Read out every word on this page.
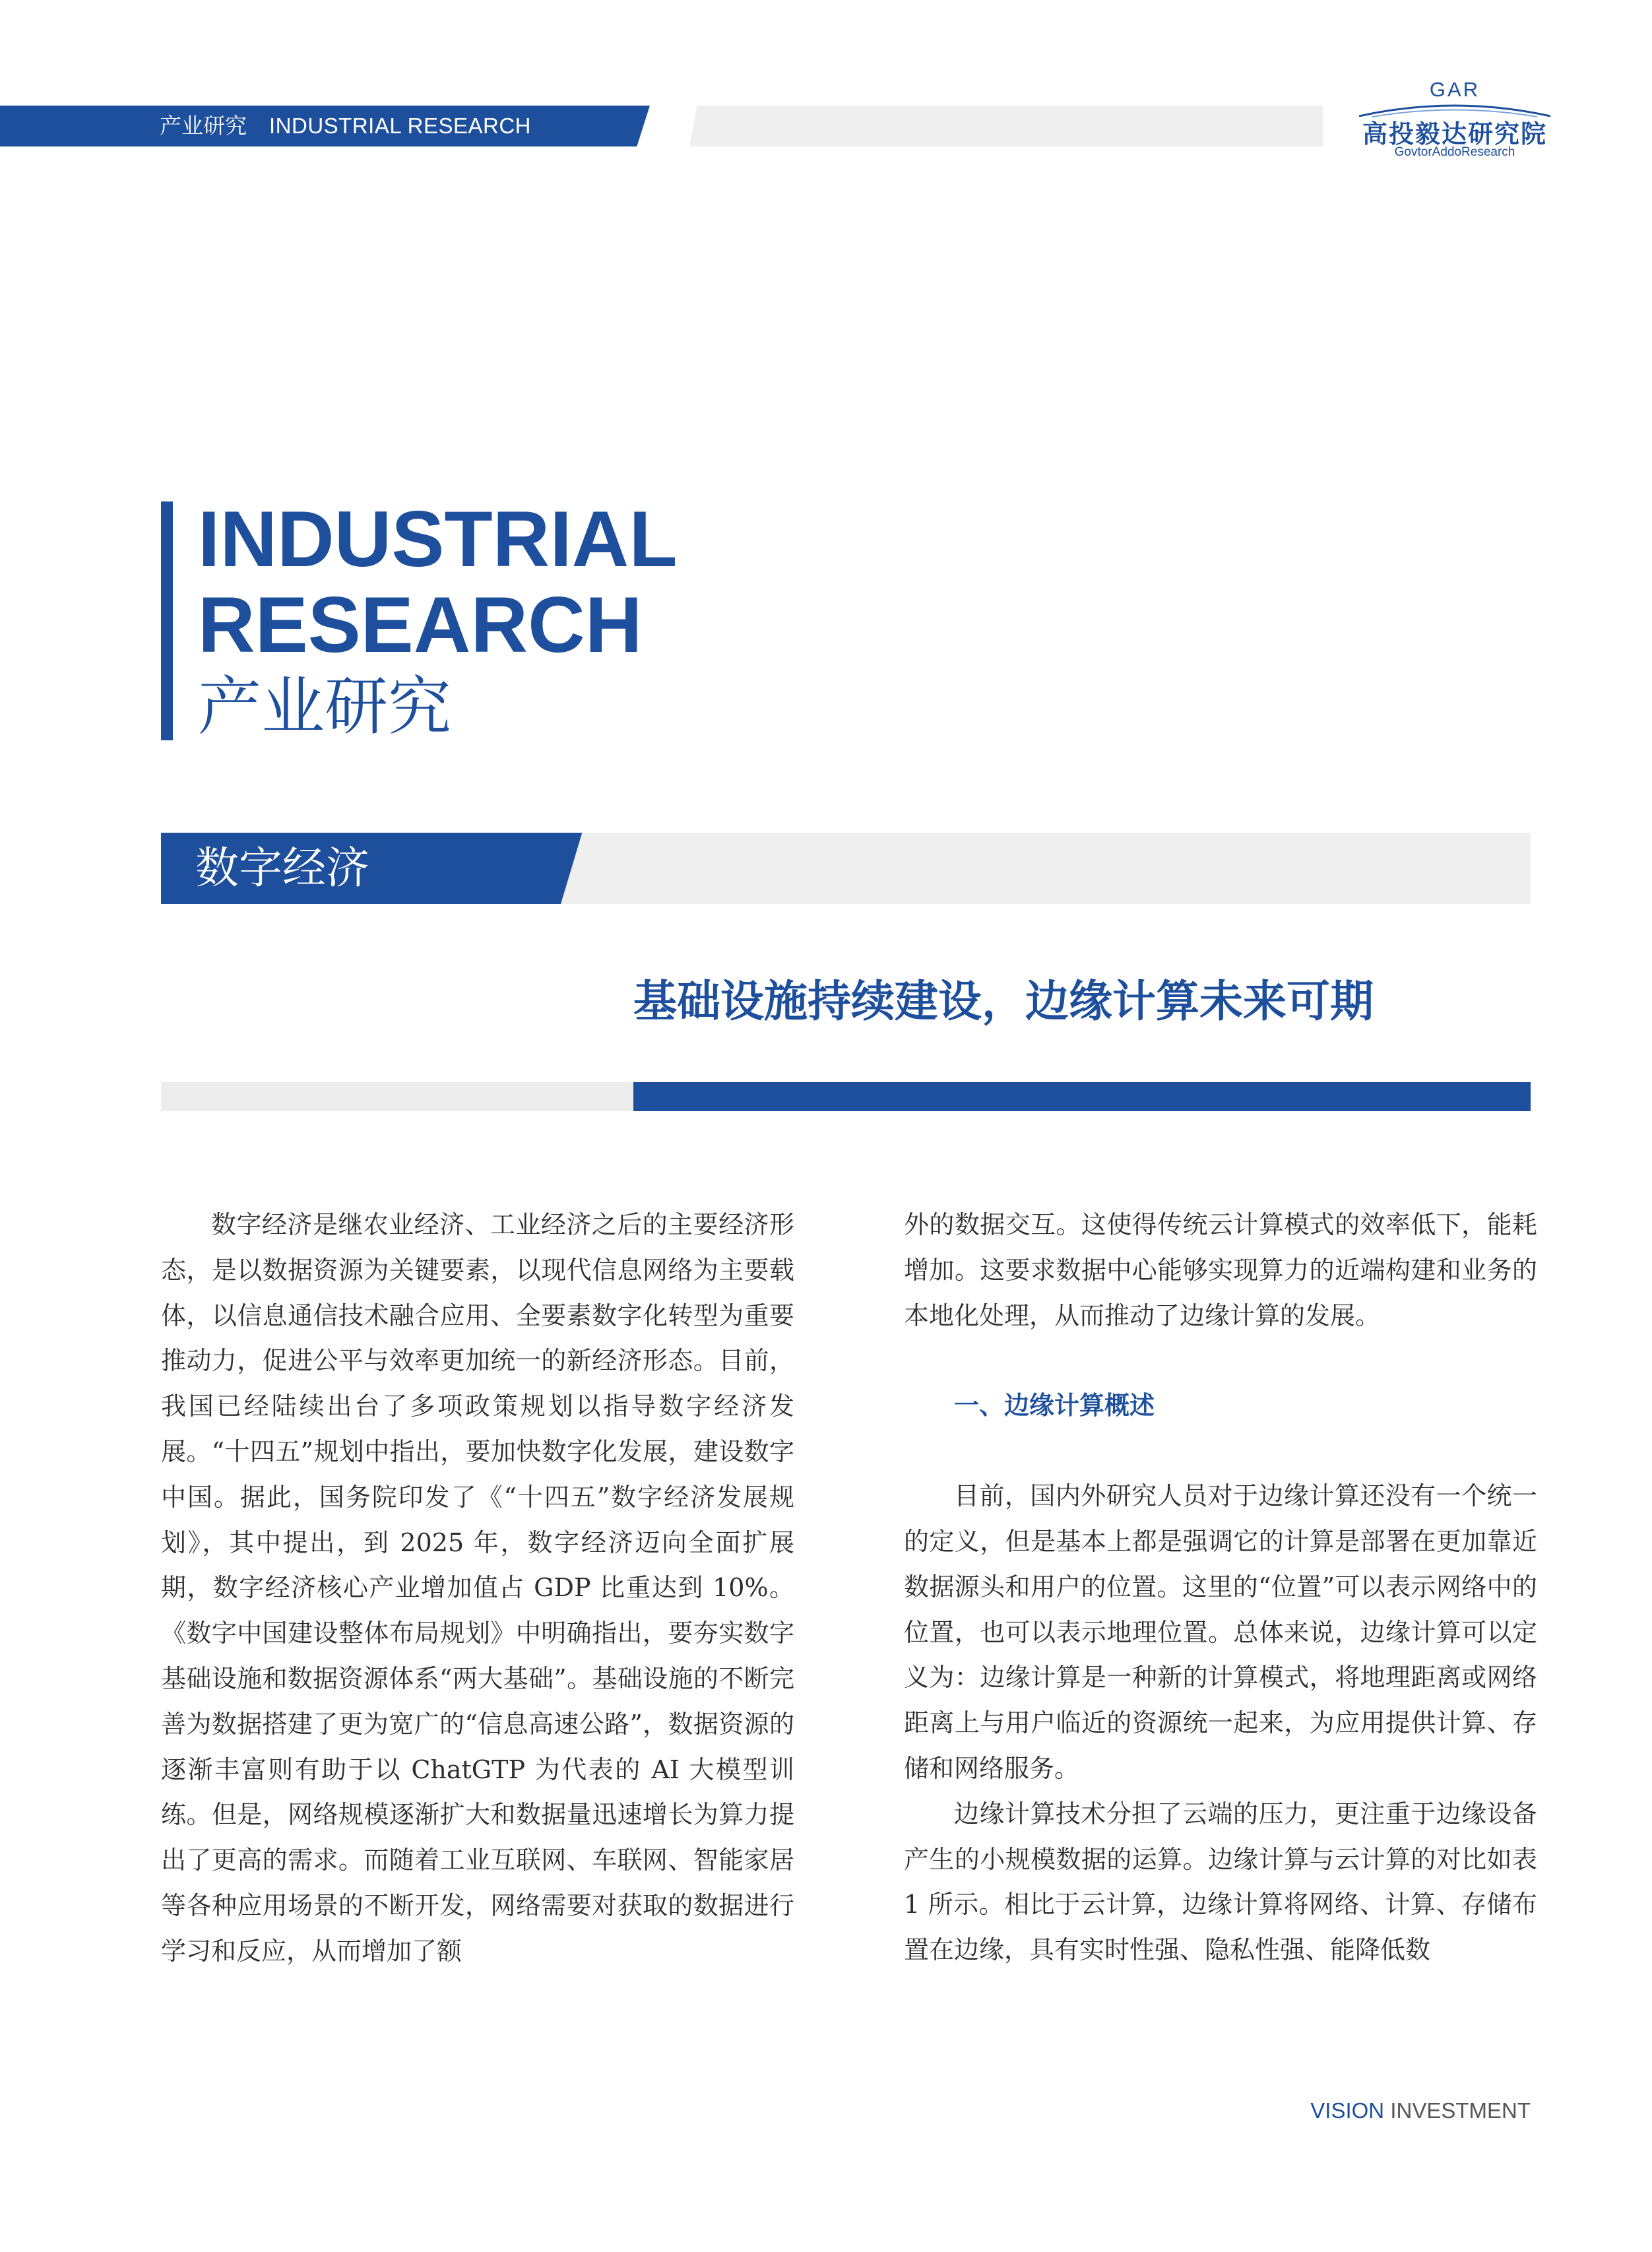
产业研究 INDUSTRIAL RESEARCH
GAR
高投毅达研究院
GovtorAddoResearch
INDUSTRIAL
RESEARCH
产业研究
数字经济
基础设施持续建设，边缘计算未来可期

数字经济是继农业经济、工业经济之后的主要经济形态，是以数据资源为关键要素，以现代信息网络为主要载体，以信息通信技术融合应用、全要素数字化转型为重要推动力，促进公平与效率更加统一的新经济形态。目前，我国已经陆续出台了多项政策规划以指导数字经济发展。“十四五”规划中指出，要加快数字化发展，建设数字中国。据此，国务院印发了《“十四五”数字经济发展规划》，其中提出，到 2025 年，数字经济迈向全面扩展期，数字经济核心产业增加值占 GDP 比重达到 10%。《数字中国建设整体布局规划》中明确指出，要夯实数字基础设施和数据资源体系“两大基础”。基础设施的不断完善为数据搭建了更为宽广的“信息高速公路”，数据资源的逐渐丰富则有助于以 ChatGTP 为代表的 AI 大模型训练。但是，网络规模逐渐扩大和数据量迅速增长为算力提出了更高的需求。而随着工业互联网、车联网、智能家居等各种应用场景的不断开发，网络需要对获取的数据进行学习和反应，从而增加了额

外的数据交互。这使得传统云计算模式的效率低下，能耗增加。这要求数据中心能够实现算力的近端构建和业务的本地化处理，从而推动了边缘计算的发展。

一、边缘计算概述

目前，国内外研究人员对于边缘计算还没有一个统一的定义，但是基本上都是强调它的计算是部署在更加靠近数据源头和用户的位置。这里的“位置”可以表示网络中的位置，也可以表示地理位置。总体来说，边缘计算可以定义为：边缘计算是一种新的计算模式，将地理距离或网络距离上与用户临近的资源统一起来，为应用提供计算、存储和网络服务。

边缘计算技术分担了云端的压力，更注重于边缘设备产生的小规模数据的运算。边缘计算与云计算的对比如表 1 所示。相比于云计算，边缘计算将网络、计算、存储布置在边缘，具有实时性强、隐私性强、能降低数

VISION INVESTMENT
